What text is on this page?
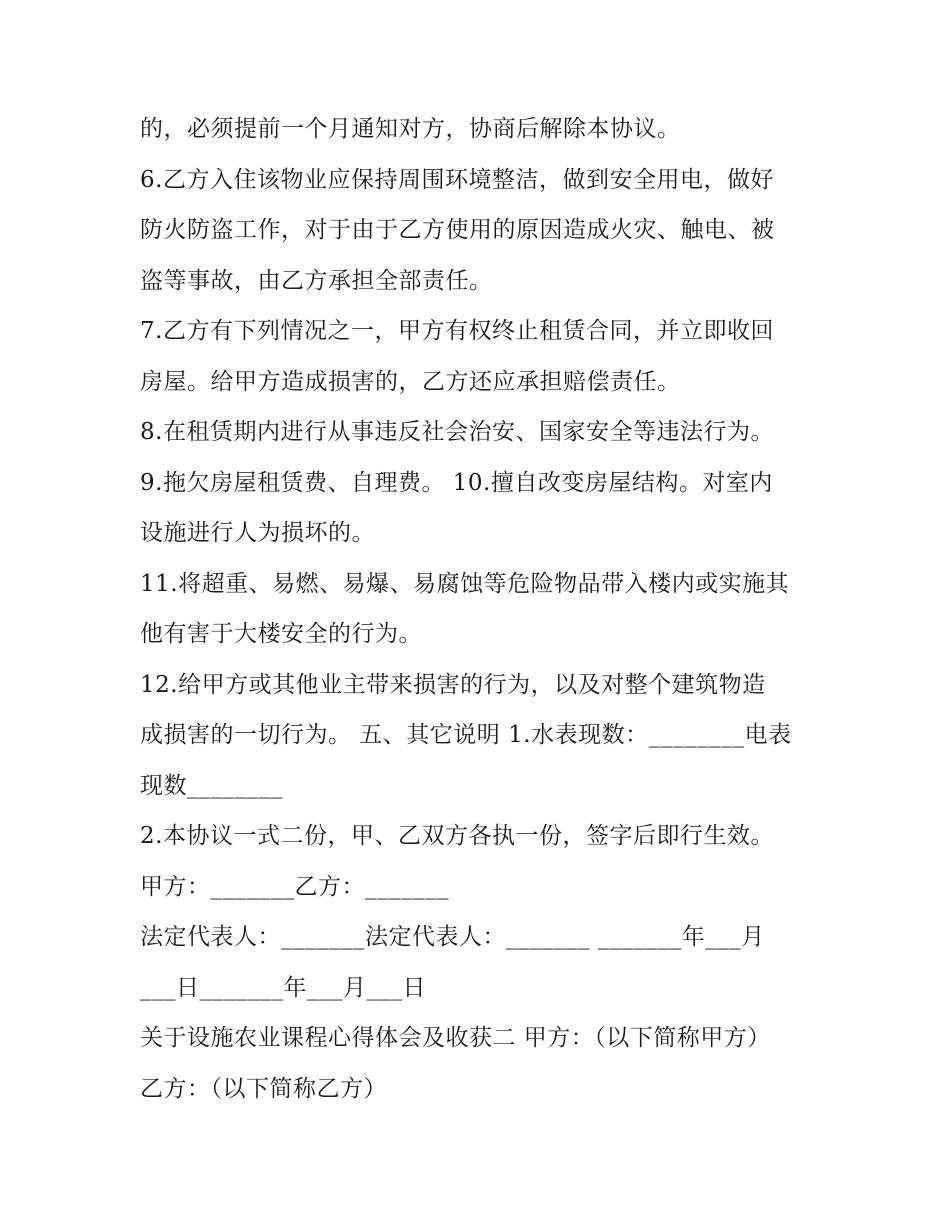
的，必须提前一个月通知对方，协商后解除本协议。
6.乙方入住该物业应保持周围环境整洁，做到安全用电，做好
防火防盗工作，对于由于乙方使用的原因造成火灾、触电、被
盗等事故，由乙方承担全部责任。
7.乙方有下列情况之一，甲方有权终止租赁合同，并立即收回
房屋。给甲方造成损害的，乙方还应承担赔偿责任。
8.在租赁期内进行从事违反社会治安、国家安全等违法行为。
9.拖欠房屋租赁费、自理费。 10.擅自改变房屋结构。对室内
设施进行人为损坏的。
11.将超重、易燃、易爆、易腐蚀等危险物品带入楼内或实施其
他有害于大楼安全的行为。
12.给甲方或其他业主带来损害的行为，以及对整个建筑物造
成损害的一切行为。 五、其它说明 1.水表现数：________电表
现数________
2.本协议一式二份，甲、乙双方各执一份，签字后即行生效。
甲方：_______乙方：_______
法定代表人：_______法定代表人：_______ _______年___月
___日_______年___月___日
关于设施农业课程心得体会及收获二 甲方：（以下简称甲方）
乙方：（以下简称乙方）
